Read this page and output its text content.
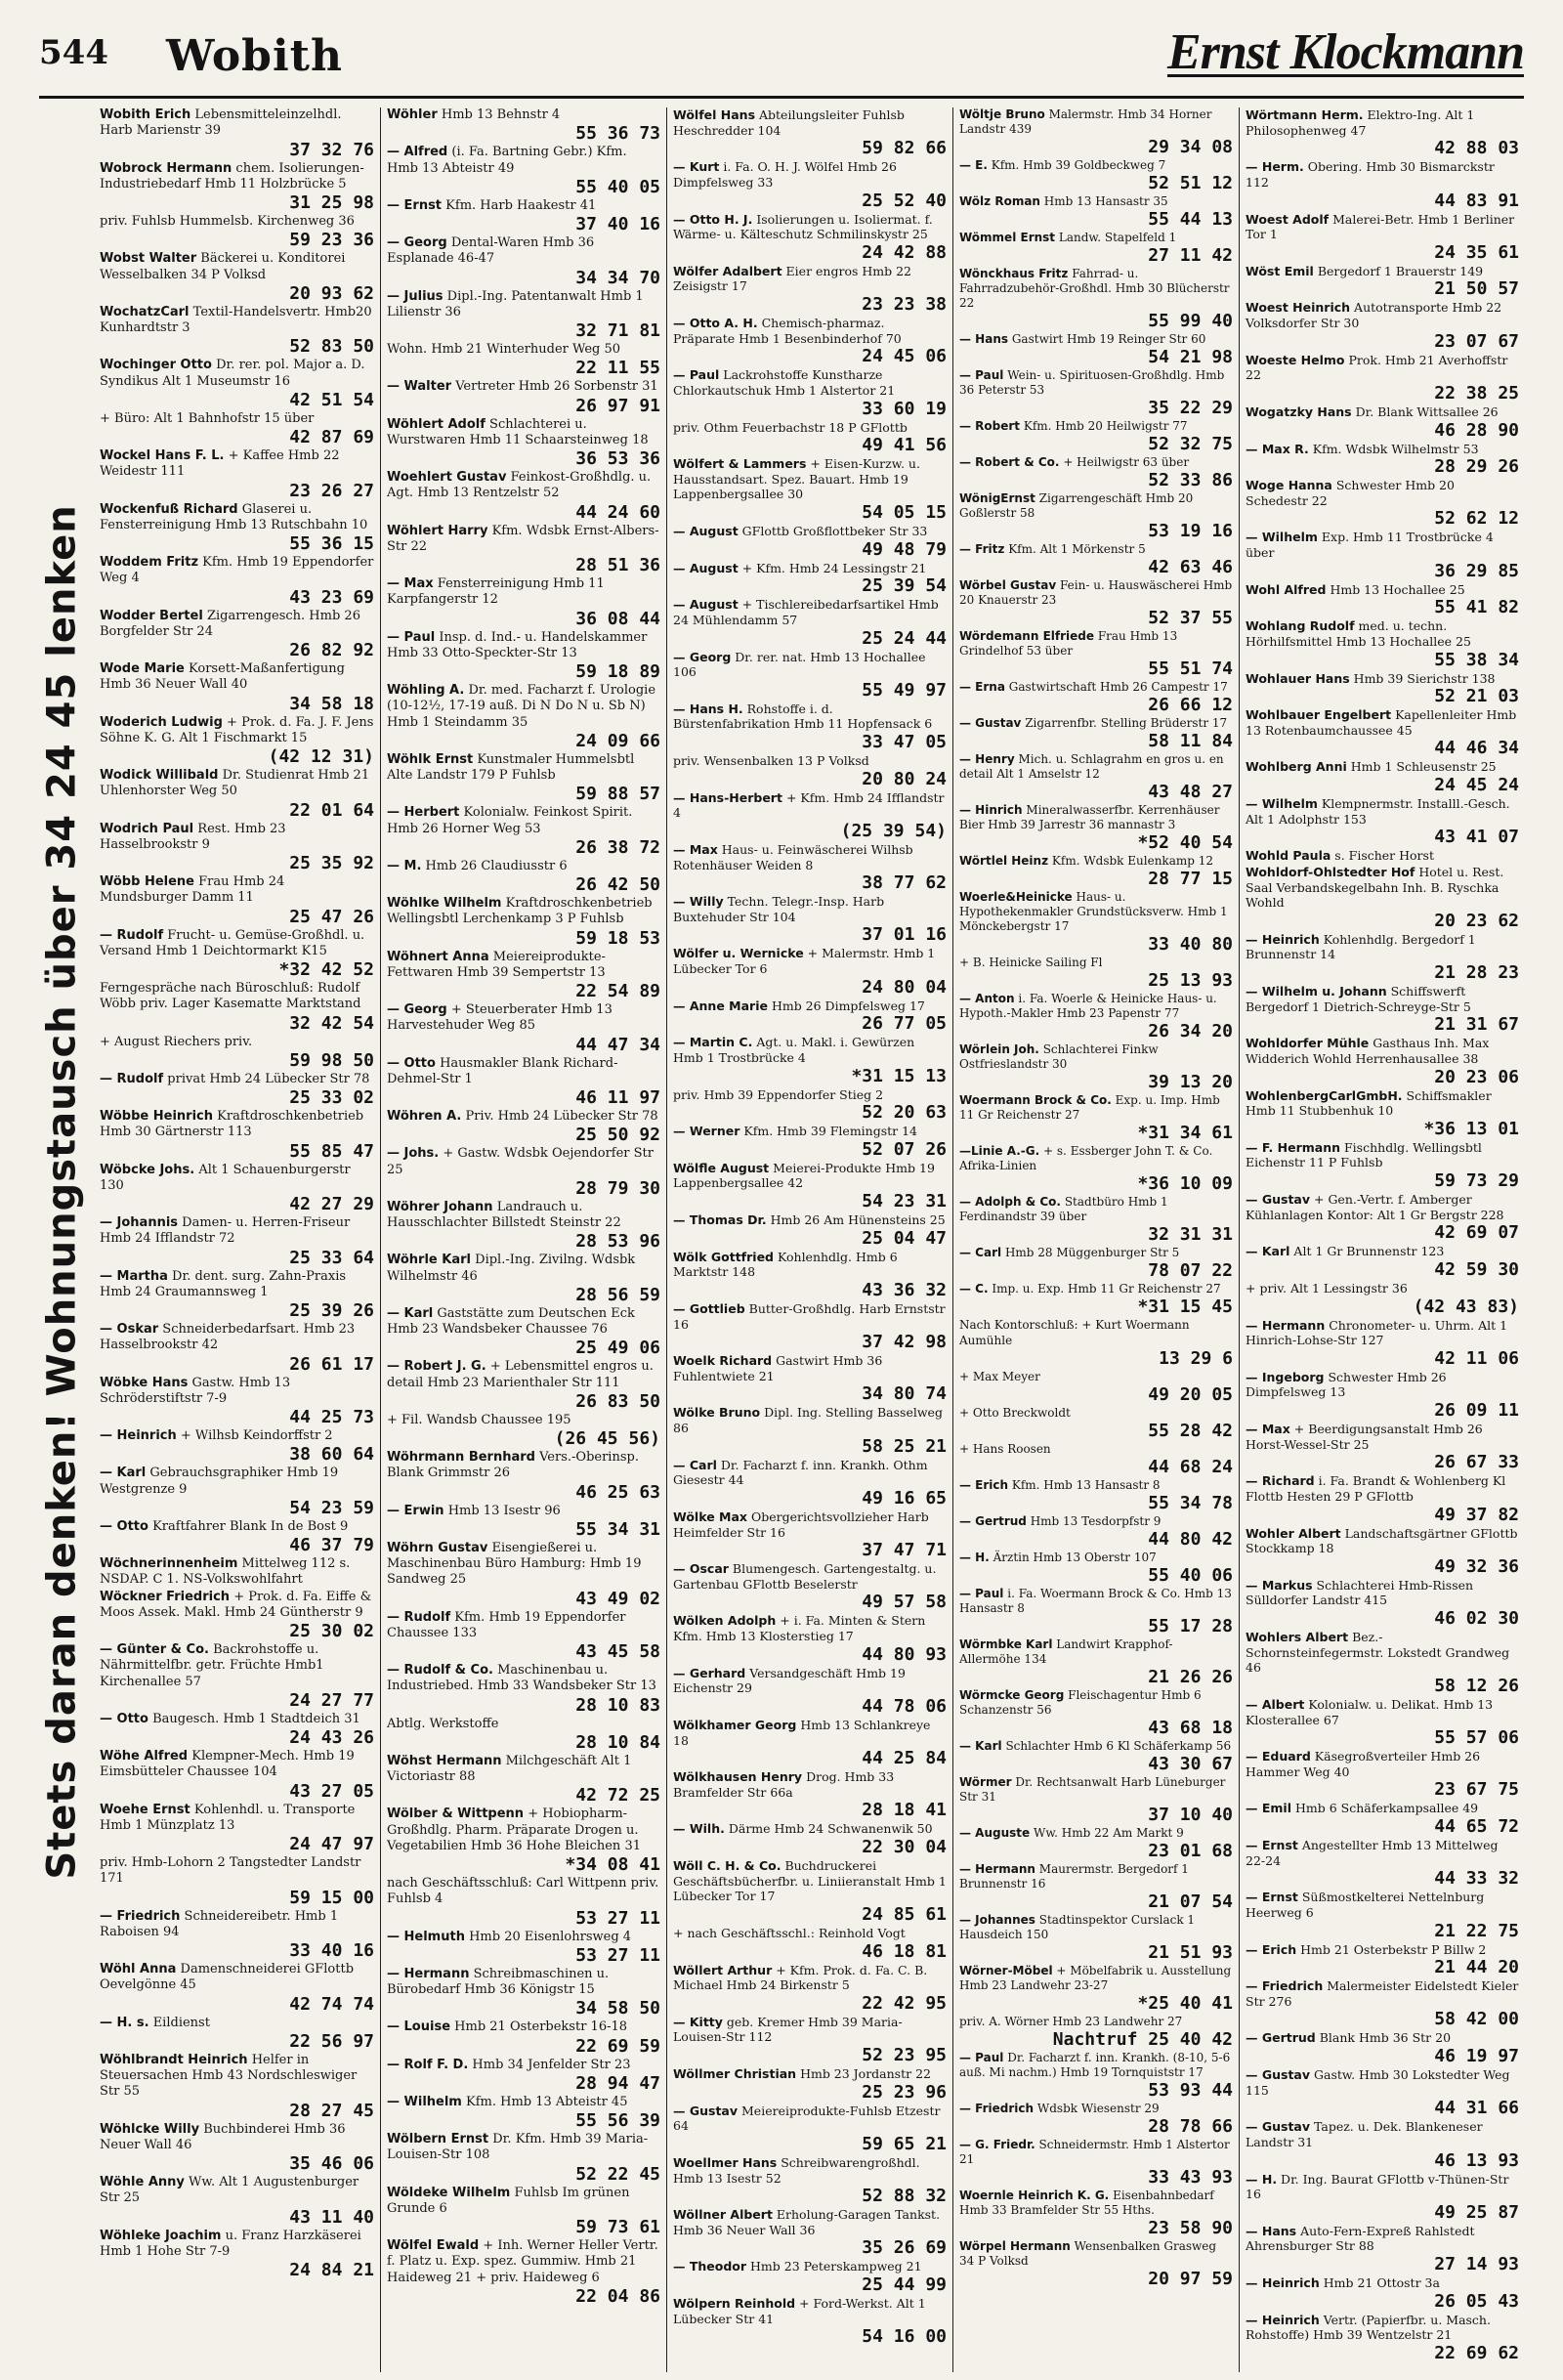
544 Wobith	Ernst Klockmann
Stets daran denken! Wohnungstausch über 34 24 45 lenken
Wobith Erich Lebensmitteleinzelhdl. Harb Marienstr 39
37 32 76
Wobrock Hermann chem. Isolierungen-Industriebedarf Hmb 11 Holzbrücke 5
31 25 98
priv. Fuhlsb Hummelsb. Kirchenweg 36
59 23 36
Wobst Walter Bäckerei u. Konditorei Wesselbalken 34 P Volksd
20 93 62
WochatzCarl Textil-Handelsvertr. Hmb20 Kunhardtstr 3
52 83 50
Wochinger Otto Dr. rer. pol. Major a. D. Syndikus Alt 1 Museumstr 16
42 51 54
+ Büro: Alt 1 Bahnhofstr 15 über
42 87 69
Wockel Hans F. L. + Kaffee Hmb 22 Weidestr 111
23 26 27
Wockenfuß Richard Glaserei u. Fensterreinigung Hmb 13 Rutschbahn 10
55 36 15
Woddem Fritz Kfm. Hmb 19 Eppendorfer Weg 4
43 23 69
Wodder Bertel Zigarrengesch. Hmb 26 Borgfelder Str 24
26 82 92
Wode Marie Korsett-Maßanfertigung Hmb 36 Neuer Wall 40
34 58 18
Woderich Ludwig + Prok. d. Fa. J. F. Jens Söhne K. G. Alt 1 Fischmarkt 15
(42 12 31)
Wodick Willibald Dr. Studienrat Hmb 21 Uhlenhorster Weg 50
22 01 64
Wodrich Paul Rest. Hmb 23 Hasselbrookstr 9
25 35 92
Wöbb Helene Frau Hmb 24 Mundsburger Damm 11
25 47 26
— Rudolf Frucht- u. Gemüse-Großhdl. u. Versand Hmb 1 Deichtormarkt K15
*32 42 52
Ferngespräche nach Büroschluß: Rudolf Wöbb priv. Lager Kasematte Marktstand
32 42 54
+ August Riechers priv.
59 98 50
— Rudolf privat Hmb 24 Lübecker Str 78
25 33 02
Wöbbe Heinrich Kraftdroschkenbetrieb Hmb 30 Gärtnerstr 113
55 85 47
Wöbcke Johs. Alt 1 Schauenburgerstr 130
42 27 29
— Johannis Damen- u. Herren-Friseur Hmb 24 Ifflandstr 72
25 33 64
— Martha Dr. dent. surg. Zahn-Praxis Hmb 24 Graumannsweg 1
25 39 26
— Oskar Schneiderbedarfsart. Hmb 23 Hasselbrookstr 42
26 61 17
Wöbke Hans Gastw. Hmb 13 Schröderstiftstr 7-9
44 25 73
— Heinrich + Wilhsb Keindorffstr 2
38 60 64
— Karl Gebrauchsgraphiker Hmb 19 Westgrenze 9
54 23 59
— Otto Kraftfahrer Blank In de Bost 9
46 37 79
Wöchnerinnenheim Mittelweg 112 s. NSDAP. C 1. NS-Volkswohlfahrt
Wöckner Friedrich + Prok. d. Fa. Eiffe & Moos Assek. Makl. Hmb 24 Güntherstr 9
25 30 02
— Günter & Co. Backrohstoffe u. Nährmittelfbr. getr. Früchte Hmb1 Kirchenallee 57
24 27 77
— Otto Baugesch. Hmb 1 Stadtdeich 31
24 43 26
Wöhe Alfred Klempner-Mech. Hmb 19 Eimsbütteler Chaussee 104
43 27 05
Woehe Ernst Kohlenhdl. u. Transporte Hmb 1 Münzplatz 13
24 47 97
priv. Hmb-Lohorn 2 Tangstedter Landstr 171
59 15 00
— Friedrich Schneidereibetr. Hmb 1 Raboisen 94
33 40 16
Wöhl Anna Damenschneiderei GFlottb Oevelgönne 45
42 74 74
— H. s. Eildienst
22 56 97
Wöhlbrandt Heinrich Helfer in Steuersachen Hmb 43 Nordschleswiger Str 55
28 27 45
Wöhlcke Willy Buchbinderei Hmb 36 Neuer Wall 46
35 46 06
Wöhle Anny Ww. Alt 1 Augustenburger Str 25
43 11 40
Wöhleke Joachim u. Franz Harzkäserei Hmb 1 Hohe Str 7-9
24 84 21
Wöhler Hmb 13 Behnstr 4
55 36 73
— Alfred (i. Fa. Bartning Gebr.) Kfm. Hmb 13 Abteistr 49
55 40 05
— Ernst Kfm. Harb Haakestr 41
37 40 16
— Georg Dental-Waren Hmb 36 Esplanade 46-47
34 34 70
— Julius Dipl.-Ing. Patentanwalt Hmb 1 Lilienstr 36
32 71 81
Wohn. Hmb 21 Winterhuder Weg 50
22 11 55
— Walter Vertreter Hmb 26 Sorbenstr 31
26 97 91
Wöhlert Adolf Schlachterei u. Wurstwaren Hmb 11 Schaarsteinweg 18
36 53 36
Woehlert Gustav Feinkost-Großhdlg. u. Agt. Hmb 13 Rentzelstr 52
44 24 60
Wöhlert Harry Kfm. Wdsbk Ernst-Albers-Str 22
28 51 36
— Max Fensterreinigung Hmb 11 Karpfangerstr 12
36 08 44
— Paul Insp. d. Ind.- u. Handelskammer Hmb 33 Otto-Speckter-Str 13
59 18 89
Wöhling A. Dr. med. Facharzt f. Urologie (10-12½, 17-19 auß. Di N Do N u. Sb N) Hmb 1 Steindamm 35
24 09 66
Wöhlk Ernst Kunstmaler Hummelsbtl Alte Landstr 179 P Fuhlsb
59 88 57
— Herbert Kolonialw. Feinkost Spirit. Hmb 26 Horner Weg 53
26 38 72
— M. Hmb 26 Claudiusstr 6
26 42 50
Wöhlke Wilhelm Kraftdroschkenbetrieb Wellingsbtl Lerchenkamp 3 P Fuhlsb
59 18 53
Wöhnert Anna Meiereiprodukte-Fettwaren Hmb 39 Sempertstr 13
22 54 89
— Georg + Steuerberater Hmb 13 Harvestehuder Weg 85
44 47 34
— Otto Hausmakler Blank Richard-Dehmel-Str 1
46 11 97
Wöhren A. Priv. Hmb 24 Lübecker Str 78
25 50 92
— Johs. + Gastw. Wdsbk Oejendorfer Str 25
28 79 30
Wöhrer Johann Landrauch u. Hausschlachter Billstedt Steinstr 22
28 53 96
Wöhrle Karl Dipl.-Ing. Zivilng. Wdsbk Wilhelmstr 46
28 56 59
— Karl Gaststätte zum Deutschen Eck Hmb 23 Wandsbeker Chaussee 76
25 49 06
— Robert J. G. + Lebensmittel engros u. detail Hmb 23 Marienthaler Str 111
26 83 50
+ Fil. Wandsb Chaussee 195
(26 45 56)
Wöhrmann Bernhard Vers.-Oberinsp. Blank Grimmstr 26
46 25 63
— Erwin Hmb 13 Isestr 96
55 34 31
Wöhrn Gustav Eisengießerei u. Maschinenbau Büro Hamburg: Hmb 19 Sandweg 25
43 49 02
— Rudolf Kfm. Hmb 19 Eppendorfer Chaussee 133
43 45 58
— Rudolf & Co. Maschinenbau u. Industriebed. Hmb 33 Wandsbeker Str 13
28 10 83
Abtlg. Werkstoffe
28 10 84
Wöhst Hermann Milchgeschäft Alt 1 Victoriastr 88
42 72 25
Wölber & Wittpenn + Hobiopharm-Großhdlg. Pharm. Präparate Drogen u. Vegetabilien Hmb 36 Hohe Bleichen 31
*34 08 41
nach Geschäftsschluß: Carl Wittpenn priv. Fuhlsb 4
53 27 11
— Helmuth Hmb 20 Eisenlohrsweg 4
53 27 11
— Hermann Schreibmaschinen u. Bürobedarf Hmb 36 Königstr 15
34 58 50
— Louise Hmb 21 Osterbekstr 16-18
22 69 59
— Rolf F. D. Hmb 34 Jenfelder Str 23
28 94 47
— Wilhelm Kfm. Hmb 13 Abteistr 45
55 56 39
Wölbern Ernst Dr. Kfm. Hmb 39 Maria-Louisen-Str 108
52 22 45
Wöldeke Wilhelm Fuhlsb Im grünen Grunde 6
59 73 61
Wölfel Ewald + Inh. Werner Heller Vertr. f. Platz u. Exp. spez. Gummiw. Hmb 21 Haideweg 21 + priv. Haideweg 6
22 04 86
Wölfel Hans Abteilungsleiter Fuhlsb Heschredder 104
59 82 66
— Kurt i. Fa. O. H. J. Wölfel Hmb 26 Dimpfelsweg 33
25 52 40
— Otto H. J. Isolierungen u. Isoliermat. f. Wärme- u. Kälteschutz Schmilinskystr 25
24 42 88
Wölfer Adalbert Eier engros Hmb 22 Zeisigstr 17
23 23 38
— Otto A. H. Chemisch-pharmaz. Präparate Hmb 1 Besenbinderhof 70
24 45 06
— Paul Lackrohstoffe Kunstharze Chlorkautschuk Hmb 1 Alstertor 21
33 60 19
priv. Othm Feuerbachstr 18 P GFlottb
49 41 56
Wölfert & Lammers + Eisen-Kurzw. u. Hausstandsart. Spez. Bauart. Hmb 19 Lappenbergsallee 30
54 05 15
— August GFlottb Großflottbeker Str 33
49 48 79
— August + Kfm. Hmb 24 Lessingstr 21
25 39 54
— August + Tischlereibedarfsartikel Hmb 24 Mühlendamm 57
25 24 44
— Georg Dr. rer. nat. Hmb 13 Hochallee 106
55 49 97
— Hans H. Rohstoffe i. d. Bürstenfabrikation Hmb 11 Hopfensack 6
33 47 05
priv. Wensenbalken 13 P Volksd
20 80 24
— Hans-Herbert + Kfm. Hmb 24 Ifflandstr 4
(25 39 54)
— Max Haus- u. Feinwäscherei Wilhsb Rotenhäuser Weiden 8
38 77 62
— Willy Techn. Telegr.-Insp. Harb Buxtehuder Str 104
37 01 16
Wölfer u. Wernicke + Malermstr. Hmb 1 Lübecker Tor 6
24 80 04
— Anne Marie Hmb 26 Dimpfelsweg 17
26 77 05
— Martin C. Agt. u. Makl. i. Gewürzen Hmb 1 Trostbrücke 4
*31 15 13
priv. Hmb 39 Eppendorfer Stieg 2
52 20 63
— Werner Kfm. Hmb 39 Flemingstr 14
52 07 26
Wölfle August Meierei-Produkte Hmb 19 Lappenbergsallee 42
54 23 31
— Thomas Dr. Hmb 26 Am Hünensteins 25
25 04 47
Wölk Gottfried Kohlenhdlg. Hmb 6 Marktstr 148
43 36 32
— Gottlieb Butter-Großhdlg. Harb Ernststr 16
37 42 98
Woelk Richard Gastwirt Hmb 36 Fuhlentwiete 21
34 80 74
Wölke Bruno Dipl. Ing. Stelling Basselweg 86
58 25 21
— Carl Dr. Facharzt f. inn. Krankh. Othm Giesestr 44
49 16 65
Wölke Max Obergerichtsvollzieher Harb Heimfelder Str 16
37 47 71
— Oscar Blumengesch. Gartengestaltg. u. Gartenbau GFlottb Beselerstr
49 57 58
Wölken Adolph + i. Fa. Minten & Stern Kfm. Hmb 13 Klosterstieg 17
44 80 93
— Gerhard Versandgeschäft Hmb 19 Eichenstr 29
44 78 06
Wölkhamer Georg Hmb 13 Schlankreye 18
44 25 84
Wölkhausen Henry Drog. Hmb 33 Bramfelder Str 66a
28 18 41
— Wilh. Därme Hmb 24 Schwanenwik 50
22 30 04
Wöll C. H. & Co. Buchdruckerei Geschäftsbücherfbr. u. Liniieranstalt Hmb 1 Lübecker Tor 17
24 85 61
+ nach Geschäftsschl.: Reinhold Vogt
46 18 81
Wöllert Arthur + Kfm. Prok. d. Fa. C. B. Michael Hmb 24 Birkenstr 5
22 42 95
— Kitty geb. Kremer Hmb 39 Maria-Louisen-Str 112
52 23 95
Wöllmer Christian Hmb 23 Jordanstr 22
25 23 96
— Gustav Meiereiprodukte-Fuhlsb Etzestr 64
59 65 21
Woellmer Hans Schreibwarengroßhdl. Hmb 13 Isestr 52
52 88 32
Wöllner Albert Erholung-Garagen Tankst. Hmb 36 Neuer Wall 36
35 26 69
— Theodor Hmb 23 Peterskampweg 21
25 44 99
Wölpern Reinhold + Ford-Werkst. Alt 1 Lübecker Str 41
54 16 00
Wöltje Bruno Malermstr. Hmb 34 Horner Landstr 439
29 34 08
— E. Kfm. Hmb 39 Goldbeckweg 7
52 51 12
Wölz Roman Hmb 13 Hansastr 35
55 44 13
Wömmel Ernst Landw. Stapelfeld 1
27 11 42
Wönckhaus Fritz Fahrrad- u. Fahrradzubehör-Großhdl. Hmb 30 Blücherstr 22
55 99 40
— Hans Gastwirt Hmb 19 Reinger Str 60
54 21 98
— Paul Wein- u. Spirituosen-Großhdlg. Hmb 36 Peterstr 53
35 22 29
— Robert Kfm. Hmb 20 Heilwigstr 77
52 32 75
— Robert & Co. + Heilwigstr 63 über
52 33 86
WönigErnst Zigarrengeschäft Hmb 20 Goßlerstr 58
53 19 16
— Fritz Kfm. Alt 1 Mörkenstr 5
42 63 46
Wörbel Gustav Fein- u. Hauswäscherei Hmb 20 Knauerstr 23
52 37 55
Wördemann Elfriede Frau Hmb 13 Grindelhof 53 über
55 51 74
— Erna Gastwirtschaft Hmb 26 Campestr 17
26 66 12
— Gustav Zigarrenfbr. Stelling Brüderstr 17
58 11 84
— Henry Mich. u. Schlagrahm en gros u. en detail Alt 1 Amselstr 12
43 48 27
— Hinrich Mineralwasserfbr. Kerrenhäuser Bier Hmb 39 Jarrestr 36 mannastr 3
*52 40 54
Wörtlel Heinz Kfm. Wdsbk Eulenkamp 12
28 77 15
Woerle&Heinicke Haus- u. Hypothekenmakler Grundstücksverw. Hmb 1 Mönckebergstr 17
33 40 80
+ B. Heinicke Sailing Fl
25 13 93
— Anton i. Fa. Woerle & Heinicke Haus- u. Hypoth.-Makler Hmb 23 Papenstr 77
26 34 20
Wörlein Joh. Schlachterei Finkw Ostfrieslandstr 30
39 13 20
Woermann Brock & Co. Exp. u. Imp. Hmb 11 Gr Reichenstr 27
*31 34 61
—Linie A.-G. + s. Essberger John T. & Co. Afrika-Linien
*36 10 09
— Adolph & Co. Stadtbüro Hmb 1 Ferdinandstr 39 über
32 31 31
— Carl Hmb 28 Müggenburger Str 5
78 07 22
— C. Imp. u. Exp. Hmb 11 Gr Reichenstr 27
*31 15 45
Nach Kontorschluß: + Kurt Woermann
Aumühle
13 29 6
+ Max Meyer
49 20 05
+ Otto Breckwoldt
55 28 42
+ Hans Roosen
44 68 24
— Erich Kfm. Hmb 13 Hansastr 8
55 34 78
— Gertrud Hmb 13 Tesdorpfstr 9
44 80 42
— H. Ärztin Hmb 13 Oberstr 107
55 40 06
— Paul i. Fa. Woermann Brock & Co. Hmb 13 Hansastr 8
55 17 28
Wörmbke Karl Landwirt Krapphof-Allermöhe 134
21 26 26
Wörmcke Georg Fleischagentur Hmb 6 Schanzenstr 56
43 68 18
— Karl Schlachter Hmb 6 Kl Schäferkamp 56
43 30 67
Wörmer Dr. Rechtsanwalt Harb Lüneburger Str 31
37 10 40
— Auguste Ww. Hmb 22 Am Markt 9
23 01 68
— Hermann Maurermstr. Bergedorf 1 Brunnenstr 16
21 07 54
— Johannes Stadtinspektor Curslack 1 Hausdeich 150
21 51 93
Wörner-Möbel + Möbelfabrik u. Ausstellung Hmb 23 Landwehr 23-27
*25 40 41
priv. A. Wörner Hmb 23 Landwehr 27
Nachtruf 25 40 42
— Paul Dr. Facharzt f. inn. Krankh. (8-10, 5-6 auß. Mi nachm.) Hmb 19 Tornquiststr 17
53 93 44
— Friedrich Wdsbk Wiesenstr 29
28 78 66
— G. Friedr. Schneidermstr. Hmb 1 Alstertor 21
33 43 93
Woernle Heinrich K. G. Eisenbahnbedarf Hmb 33 Bramfelder Str 55 Hths.
23 58 90
Wörpel Hermann Wensenbalken Grasweg 34 P Volksd
20 97 59
Wörtmann Herm. Elektro-Ing. Alt 1 Philosophenweg 47
42 88 03
— Herm. Obering. Hmb 30 Bismarckstr 112
44 83 91
Woest Adolf Malerei-Betr. Hmb 1 Berliner Tor 1
24 35 61
Wöst Emil Bergedorf 1 Brauerstr 149
21 50 57
Woest Heinrich Autotransporte Hmb 22 Volksdorfer Str 30
23 07 67
Woeste Helmo Prok. Hmb 21 Averhoffstr 22
22 38 25
Wogatzky Hans Dr. Blank Wittsallee 26
46 28 90
— Max R. Kfm. Wdsbk Wilhelmstr 53
28 29 26
Woge Hanna Schwester Hmb 20 Schedestr 22
52 62 12
— Wilhelm Exp. Hmb 11 Trostbrücke 4 über
36 29 85
Wohl Alfred Hmb 13 Hochallee 25
55 41 82
Wohlang Rudolf med. u. techn. Hörhilfsmittel Hmb 13 Hochallee 25
55 38 34
Wohlauer Hans Hmb 39 Sierichstr 138
52 21 03
Wohlbauer Engelbert Kapellenleiter Hmb 13 Rotenbaumchaussee 45
44 46 34
Wohlberg Anni Hmb 1 Schleusenstr 25
24 45 24
— Wilhelm Klempnermstr. Installl.-Gesch. Alt 1 Adolphstr 153
43 41 07
Wohld Paula s. Fischer Horst
Wohldorf-Ohlstedter Hof Hotel u. Rest. Saal Verbandskegelbahn Inh. B. Ryschka Wohld
20 23 62
— Heinrich Kohlenhdlg. Bergedorf 1 Brunnenstr 14
21 28 23
— Wilhelm u. Johann Schiffswerft Bergedorf 1 Dietrich-Schreyge-Str 5
21 31 67
Wohldorfer Mühle Gasthaus Inh. Max Widderich Wohld Herrenhausallee 38
20 23 06
WohlenbergCarlGmbH. Schiffsmakler Hmb 11 Stubbenhuk 10
*36 13 01
— F. Hermann Fischhdlg. Wellingsbtl Eichenstr 11 P Fuhlsb
59 73 29
— Gustav + Gen.-Vertr. f. Amberger Kühlanlagen Kontor: Alt 1 Gr Bergstr 228
42 69 07
— Karl Alt 1 Gr Brunnenstr 123
42 59 30
+ priv. Alt 1 Lessingstr 36
(42 43 83)
— Hermann Chronometer- u. Uhrm. Alt 1 Hinrich-Lohse-Str 127
42 11 06
— Ingeborg Schwester Hmb 26 Dimpfelsweg 13
26 09 11
— Max + Beerdigungsanstalt Hmb 26 Horst-Wessel-Str 25
26 67 33
— Richard i. Fa. Brandt & Wohlenberg Kl Flottb Hesten 29 P GFlottb
49 37 82
Wohler Albert Landschaftsgärtner GFlottb Stockkamp 18
49 32 36
— Markus Schlachterei Hmb-Rissen Sülldorfer Landstr 415
46 02 30
Wohlers Albert Bez.-Schornsteinfegermstr. Lokstedt Grandweg 46
58 12 26
— Albert Kolonialw. u. Delikat. Hmb 13 Klosterallee 67
55 57 06
— Eduard Käsegroßverteiler Hmb 26 Hammer Weg 40
23 67 75
— Emil Hmb 6 Schäferkampsallee 49
44 65 72
— Ernst Angestellter Hmb 13 Mittelweg 22-24
44 33 32
— Ernst Süßmostkelterei Nettelnburg Heerweg 6
21 22 75
— Erich Hmb 21 Osterbekstr P Billw 2
21 44 20
— Friedrich Malermeister Eidelstedt Kieler Str 276
58 42 00
— Gertrud Blank Hmb 36 Str 20
46 19 97
— Gustav Gastw. Hmb 30 Lokstedter Weg 115
44 31 66
— Gustav Tapez. u. Dek. Blankeneser Landstr 31
46 13 93
— H. Dr. Ing. Baurat GFlottb v-Thünen-Str 16
49 25 87
— Hans Auto-Fern-Expreß Rahlstedt Ahrensburger Str 88
27 14 93
— Heinrich Hmb 21 Ottostr 3a
26 05 43
— Heinrich Vertr. (Papierfbr. u. Masch. Rohstoffe) Hmb 39 Wentzelstr 21
22 69 62
